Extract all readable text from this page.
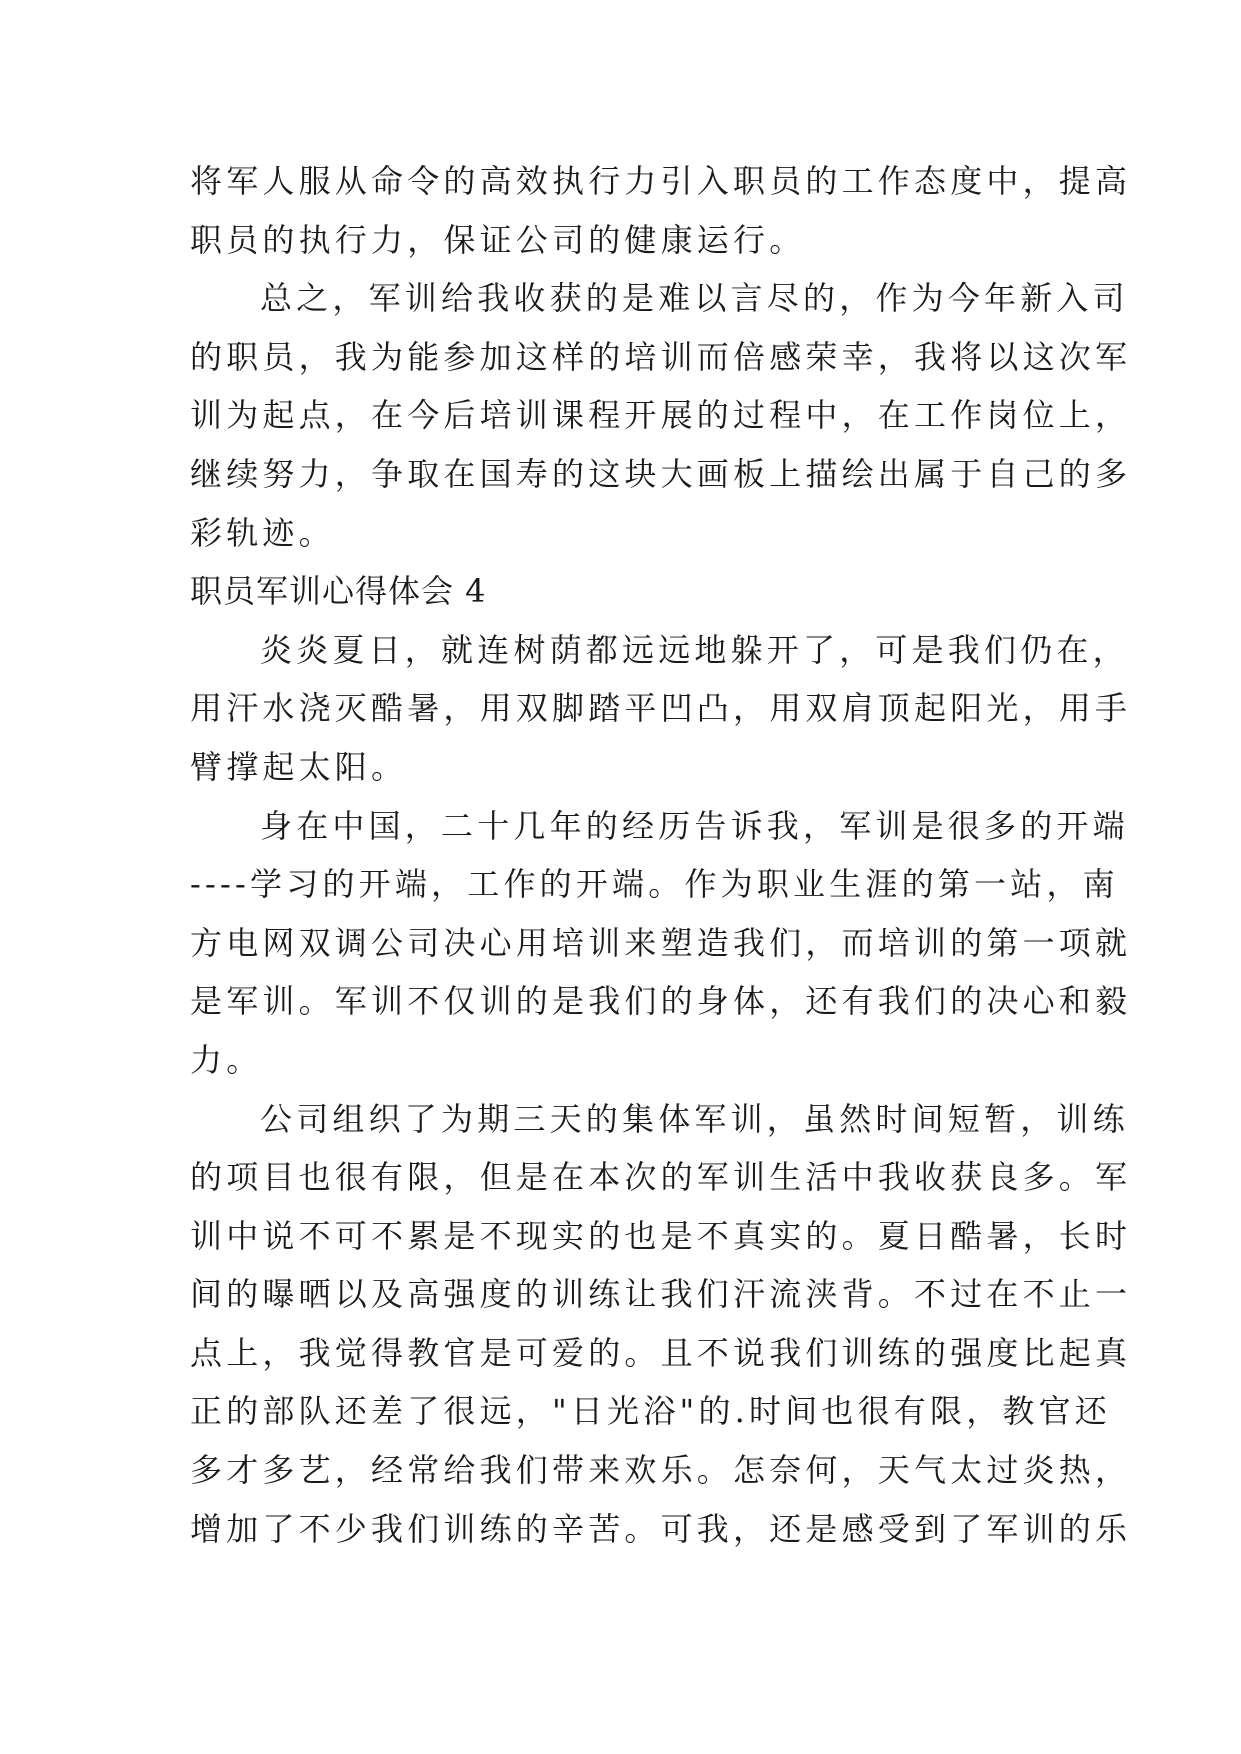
将军人服从命令的高效执行力引入职员的工作态度中，提高
职员的执行力，保证公司的健康运行。
总之，军训给我收获的是难以言尽的，作为今年新入司
的职员，我为能参加这样的培训而倍感荣幸，我将以这次军
训为起点，在今后培训课程开展的过程中，在工作岗位上，
继续努力，争取在国寿的这块大画板上描绘出属于自己的多
彩轨迹。
职员军训心得体会 4
炎炎夏日，就连树荫都远远地躲开了，可是我们仍在，
用汗水浇灭酷暑，用双脚踏平凹凸，用双肩顶起阳光，用手
臂撑起太阳。
身在中国，二十几年的经历告诉我，军训是很多的开端
----学习的开端，工作的开端。作为职业生涯的第一站，南
方电网双调公司决心用培训来塑造我们，而培训的第一项就
是军训。军训不仅训的是我们的身体，还有我们的决心和毅
力。
公司组织了为期三天的集体军训，虽然时间短暂，训练
的项目也很有限，但是在本次的军训生活中我收获良多。军
训中说不可不累是不现实的也是不真实的。夏日酷暑，长时
间的曝晒以及高强度的训练让我们汗流浃背。不过在不止一
点上，我觉得教官是可爱的。且不说我们训练的强度比起真
正的部队还差了很远，"日光浴"的.时间也很有限，教官还
多才多艺，经常给我们带来欢乐。怎奈何，天气太过炎热，
增加了不少我们训练的辛苦。可我，还是感受到了军训的乐
